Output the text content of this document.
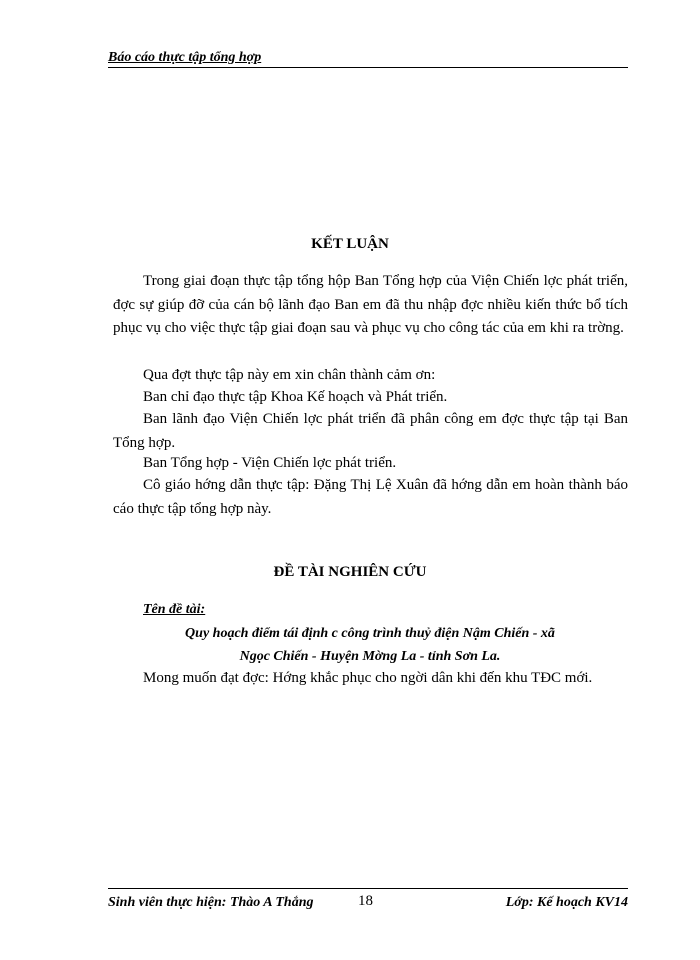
Báo cáo thực tập tổng hợp
KẾT LUẬN
Trong giai đoạn thực tập tổng hộp Ban Tổng hợp của Viện Chiến lợc phát triển, đợc sự giúp đỡ của cán bộ lãnh đạo Ban em đã thu nhập đợc nhiều kiến thức bổ tích phục vụ cho việc thực tập giai đoạn sau và phục vụ cho công tác của em khi ra trờng.
Qua đợt thực tập này em xin chân thành cảm ơn:
Ban chỉ đạo thực tập Khoa Kế hoạch và Phát triển.
Ban lãnh đạo Viện Chiến lợc phát triển đã phân công em đợc thực tập tại Ban Tổng hợp.
Ban Tổng hợp - Viện Chiến lợc phát triển.
Cô giáo hớng dẫn thực tập: Đặng Thị Lệ Xuân đã hớng dẫn em hoàn thành báo cáo thực tập tổng hợp này.
ĐỀ TÀI NGHIÊN CỨU
Tên đề tài:
Quy hoạch điểm tái định c công trình thuỷ điện Nậm Chiến - xã
Ngọc Chiến - Huyện Mờng La - tỉnh Sơn La.
Mong muốn đạt đợc: Hớng khắc phục cho ngời dân khi đến khu TĐC mới.
Sinh viên thực hiện: Thào A Thắng	18	Lớp: Kế hoạch KV14
